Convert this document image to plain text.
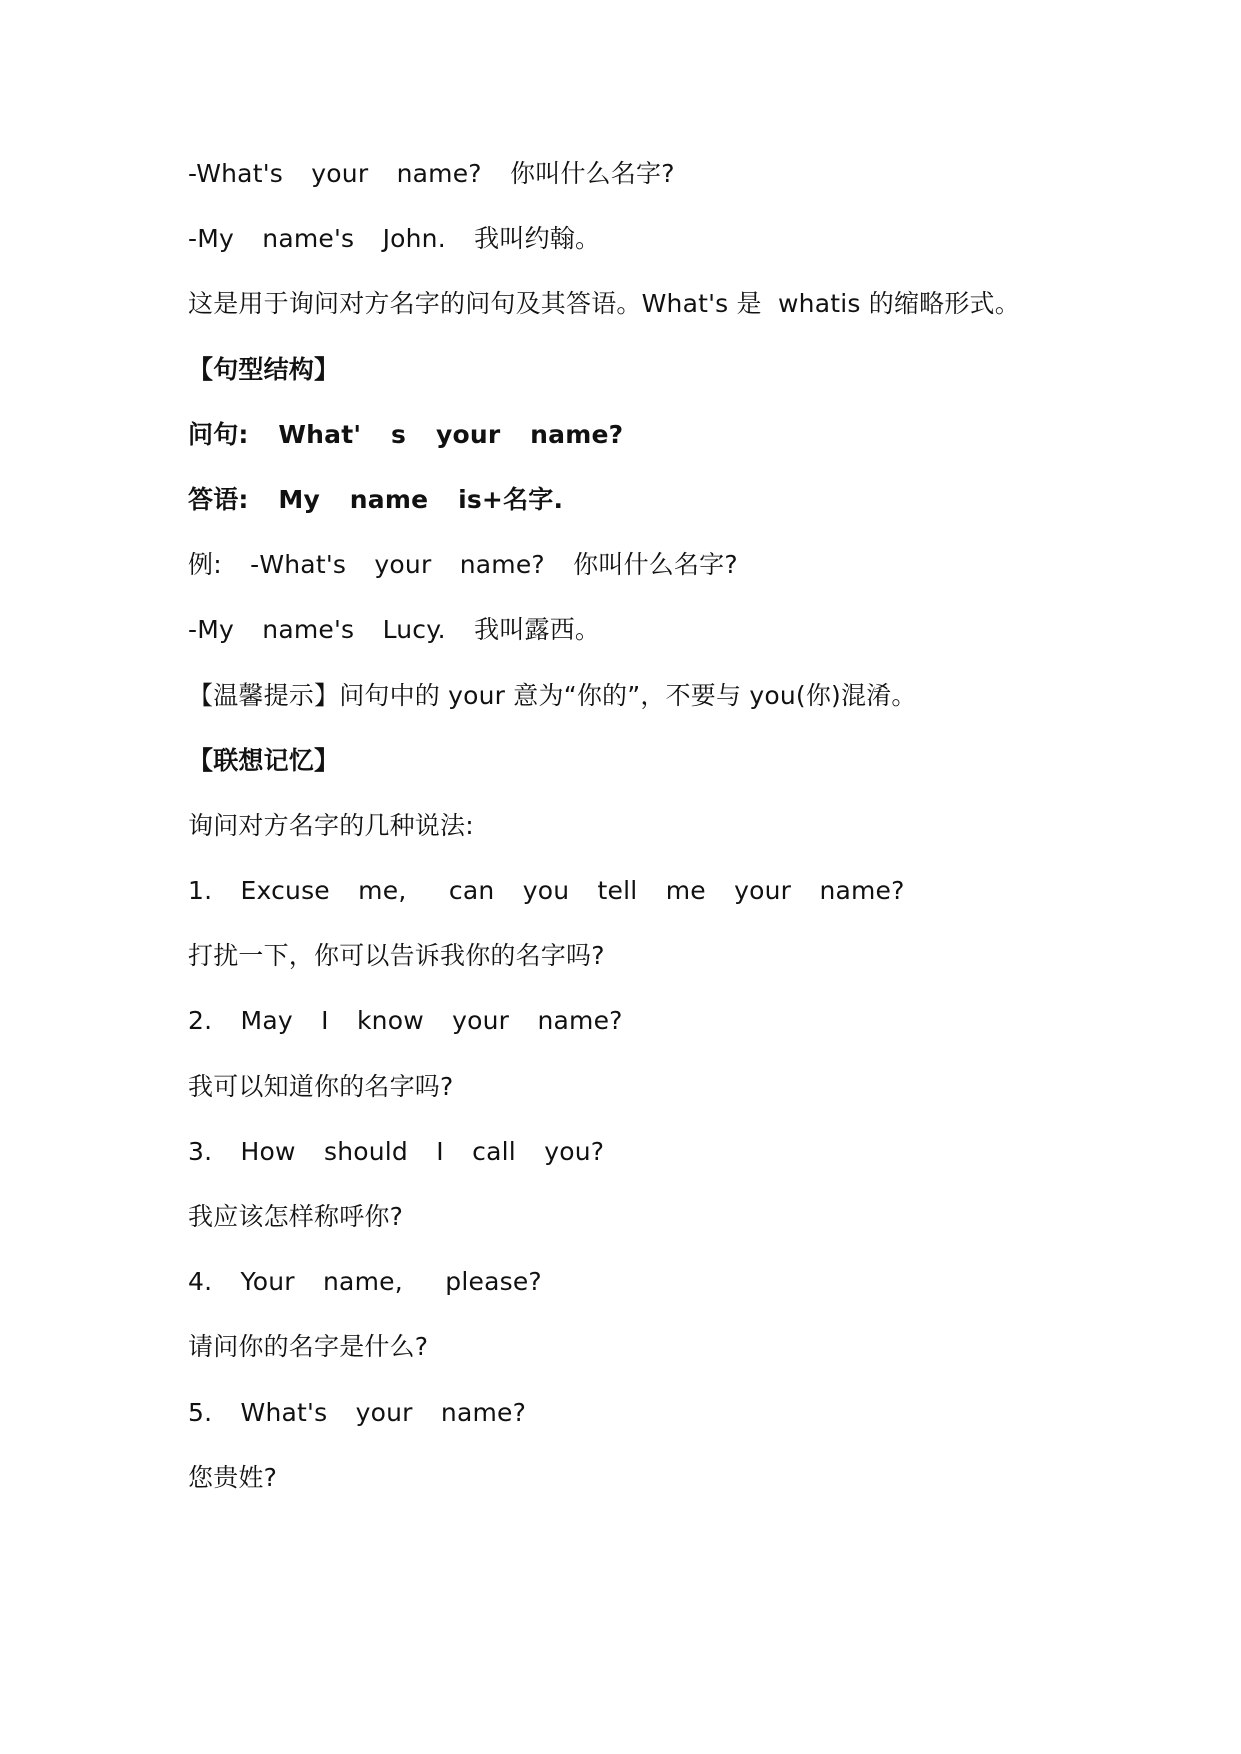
-What's  your  name?  你叫什么名字?
-My  name's  John.  我叫约翰。
这是用于询问对方名字的问句及其答语。What's 是  whatis 的缩略形式。
【句型结构】
问句:  What'  s  your  name?
答语:  My  name  is+名字.
例:  -What's  your  name?  你叫什么名字?
-My  name's  Lucy.  我叫露西。
【温馨提示】问句中的 your 意为“你的”，不要与 you(你)混淆。
【联想记忆】
询问对方名字的几种说法:
1.  Excuse  me,   can  you  tell  me  your  name?
打扰一下，你可以告诉我你的名字吗?
2.  May  I  know  your  name?
我可以知道你的名字吗?
3.  How  should  I  call  you?
我应该怎样称呼你?
4.  Your  name,   please?
请问你的名字是什么?
5.  What's  your  name?
您贵姓?
